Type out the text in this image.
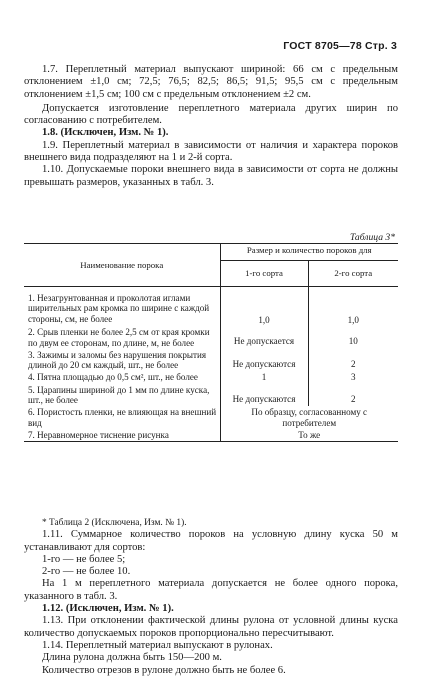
ГОСТ 8705—78 Стр. 3

1.7. Переплетный материал выпускают шириной: 66 см с предельным отклонением ±1,0 см; 72,5; 76,5; 82,5; 86,5; 91,5; 95,5 см с предельным отклонением ±1,5 см; 100 см с предельным отклонением ±2 см.

Допускается изготовление переплетного материала других ширин по согласованию с потребителем.

1.8. (Исключен, Изм. № 1).

1.9. Переплетный материал в зависимости от наличия и характера пороков внешнего вида подразделяют на 1 и 2-й сорта.

1.10. Допускаемые пороки внешнего вида в зависимости от сорта не должны превышать размеров, указанных в табл. 3.

Таблица 3*
Наименование порока	Размер и количество пороков для	
	1-го сорта	2-го сорта
1. Незагрунтованная и проколотая иглами ширительных рам кромка по ширине с каждой стороны, см, не более	1,0	1,0
2. Срыв пленки не более 2,5 см от края кромки по двум ее сторонам, по длине, м, не более	Не допускается	10
3. Зажимы и заломы без нарушения покрытия длиной до 20 см каждый, шт., не более	Не допускаются	2
4. Пятна площадью до 0,5 см², шт., не более	1	3
5. Царапины шириной до 1 мм по длине куска, шт., не более	Не допускаются	2
6. Пористость пленки, не влияющая на внешний вид	По образцу, согласованному с потребителем	
7. Неравномерное тиснение рисунка	То же	

* Таблица 2 (Исключена, Изм. № 1).

1.11. Суммарное количество пороков на условную длину куска 50 м устанавливают для сортов:

1-го — не более 5;

2-го — не более 10.

На 1 м переплетного материала допускается не более одного порока, указанного в табл. 3.

1.12. (Исключен, Изм. № 1).

1.13. При отклонении фактической длины рулона от условной длины куска количество допускаемых пороков пропорционально пересчитывают.

1.14. Переплетный материал выпускают в рулонах.

Длина рулона должна быть 150—200 м.

Количество отрезов в рулоне должно быть не более 6.
